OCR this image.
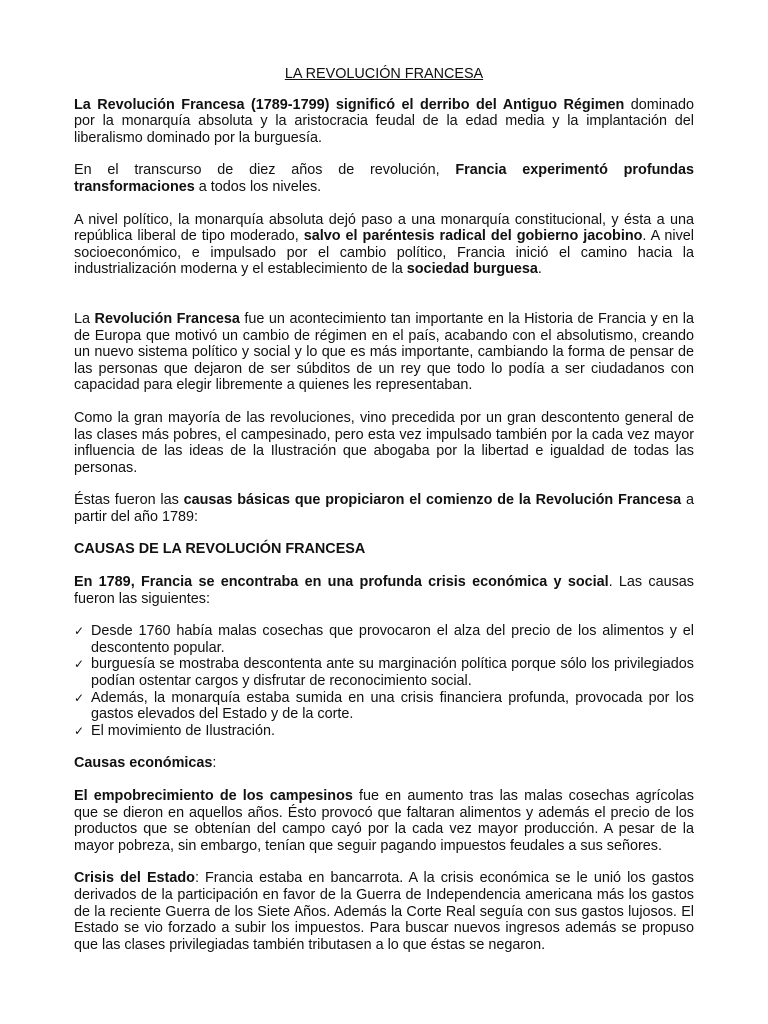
LA REVOLUCIÓN FRANCESA

La Revolución Francesa (1789-1799) significó el derribo del Antiguo Régimen dominado por la monarquía absoluta y la aristocracia feudal de la edad media y la implantación del liberalismo dominado por la burguesía.

En el transcurso de diez años de revolución, Francia experimentó profundas transformaciones a todos los niveles.

A nivel político, la monarquía absoluta dejó paso a una monarquía constitucional, y ésta a una república liberal de tipo moderado, salvo el paréntesis radical del gobierno jacobino. A nivel socioeconómico, e impulsado por el cambio político, Francia inició el camino hacia la industrialización moderna y el establecimiento de la sociedad burguesa.

La Revolución Francesa fue un acontecimiento tan importante en la Historia de Francia y en la de Europa que motivó un cambio de régimen en el país, acabando con el absolutismo, creando un nuevo sistema político y social y lo que es más importante, cambiando la forma de pensar de las personas que dejaron de ser súbditos de un rey que todo lo podía a ser ciudadanos con capacidad para elegir libremente a quienes les representaban.

Como la gran mayoría de las revoluciones, vino precedida por un gran descontento general de las clases más pobres, el campesinado, pero esta vez impulsado también por la cada vez mayor influencia de las ideas de la Ilustración que abogaba por la libertad e igualdad de todas las personas.

Éstas fueron las causas básicas que propiciaron el comienzo de la Revolución Francesa a partir del año 1789:

CAUSAS DE LA REVOLUCIÓN FRANCESA

En 1789, Francia se encontraba en una profunda crisis económica y social. Las causas fueron las siguientes:

✓ Desde 1760 había malas cosechas que provocaron el alza del precio de los alimentos y el descontento popular.
✓ burguesía se mostraba descontenta ante su marginación política porque sólo los privilegiados podían ostentar cargos y disfrutar de reconocimiento social.
✓ Además, la monarquía estaba sumida en una crisis financiera profunda, provocada por los gastos elevados del Estado y de la corte.
✓ El movimiento de Ilustración.

Causas económicas:

El empobrecimiento de los campesinos fue en aumento tras las malas cosechas agrícolas que se dieron en aquellos años. Ésto provocó que faltaran alimentos y además el precio de los productos que se obtenían del campo cayó por la cada vez mayor producción. A pesar de la mayor pobreza, sin embargo, tenían que seguir pagando impuestos feudales a sus señores.

Crisis del Estado: Francia estaba en bancarrota. A la crisis económica se le unió los gastos derivados de la participación en favor de la Guerra de Independencia americana más los gastos de la reciente Guerra de los Siete Años. Además la Corte Real seguía con sus gastos lujosos. El Estado se vio forzado a subir los impuestos. Para buscar nuevos ingresos además se propuso que las clases privilegiadas también tributasen a lo que éstas se negaron.
